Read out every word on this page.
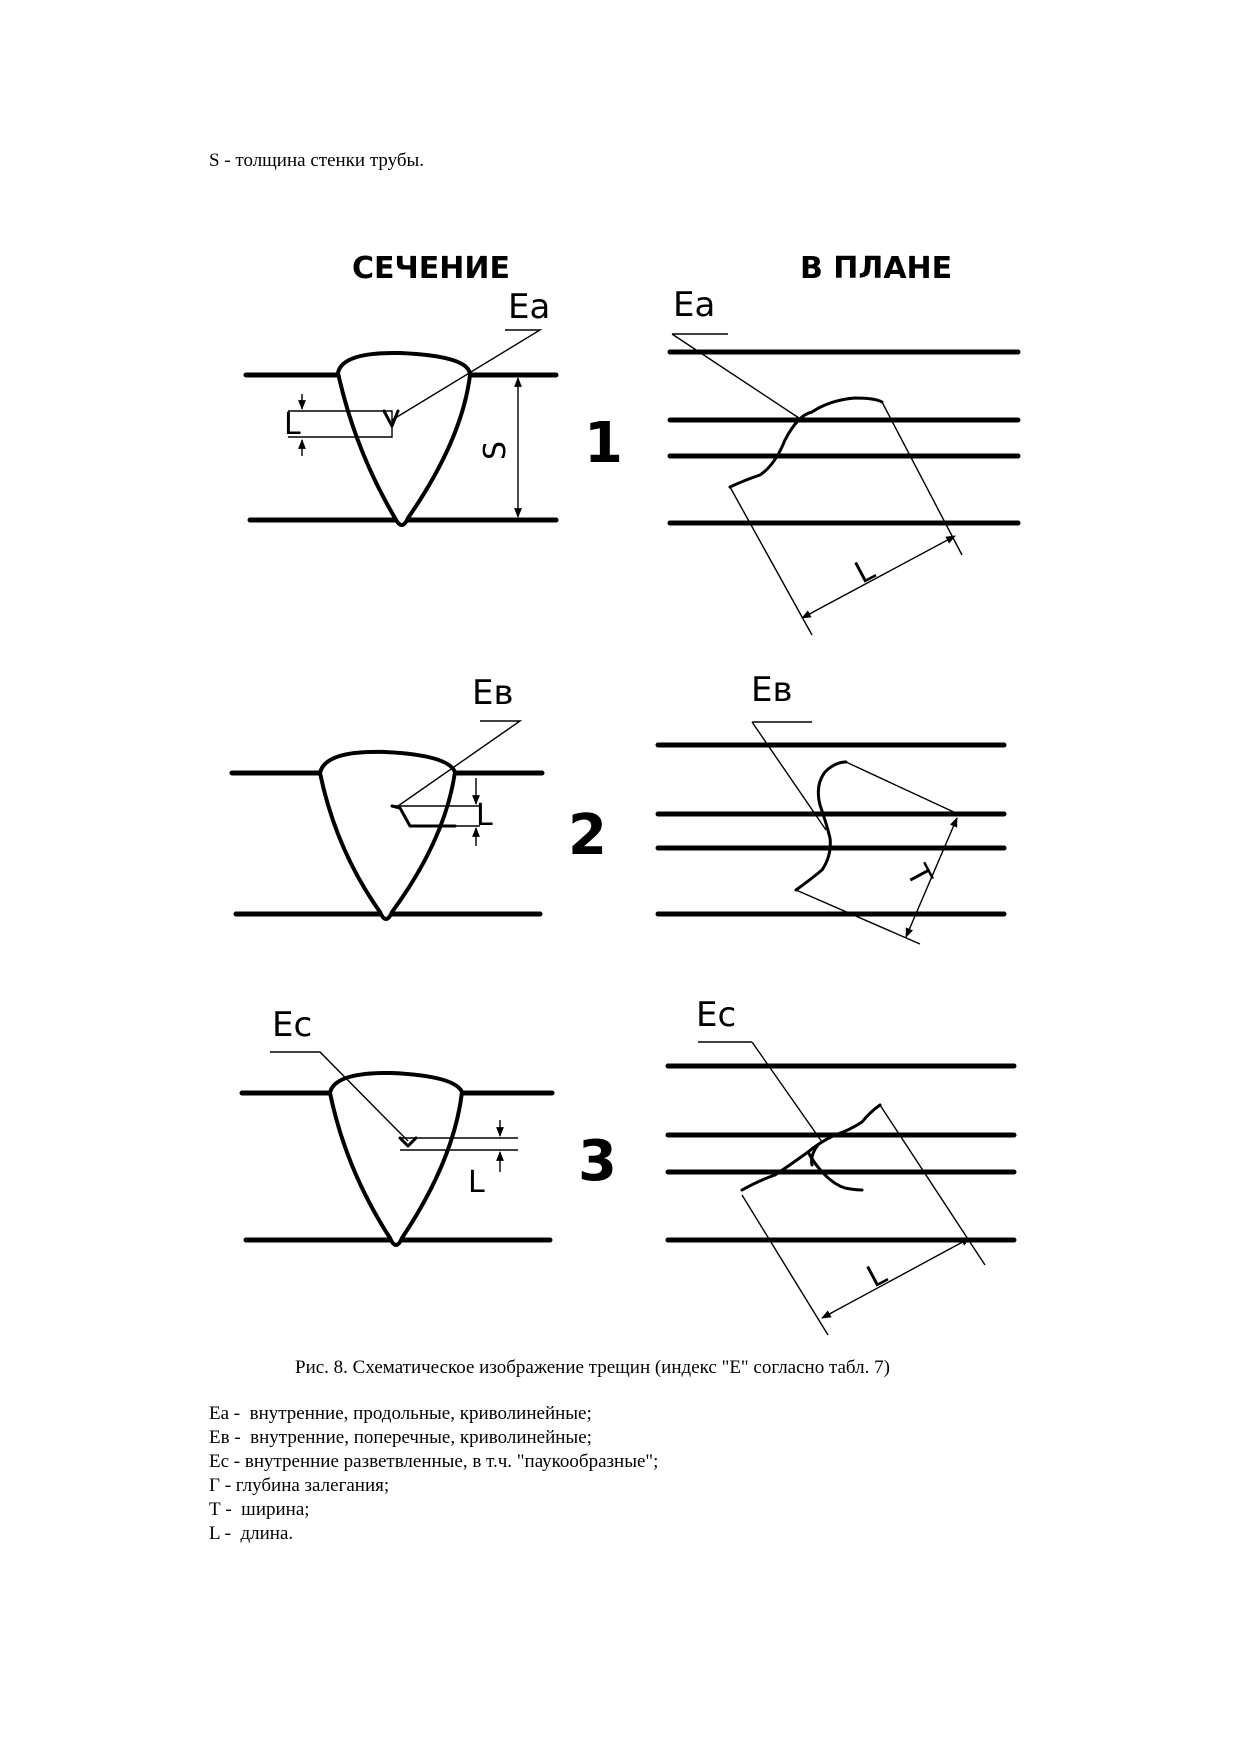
S - толщина стенки трубы.
СЕЧЕНИЕ	В ПЛАНЕ
Eа
L
S 1
Eа
L
Eв
L 2
Eв
T
Ec
L 3
Ec
L
Рис. 8. Схематическое изображение трещин (индекс "Е" согласно табл. 7)
Еа -  внутренние, продольные, криволинейные;
Ев -  внутренние, поперечные, криволинейные;
Ес - внутренние разветвленные, в т.ч. "паукообразные";
Г - глубина залегания;
Т -  ширина;
L -  длина.
